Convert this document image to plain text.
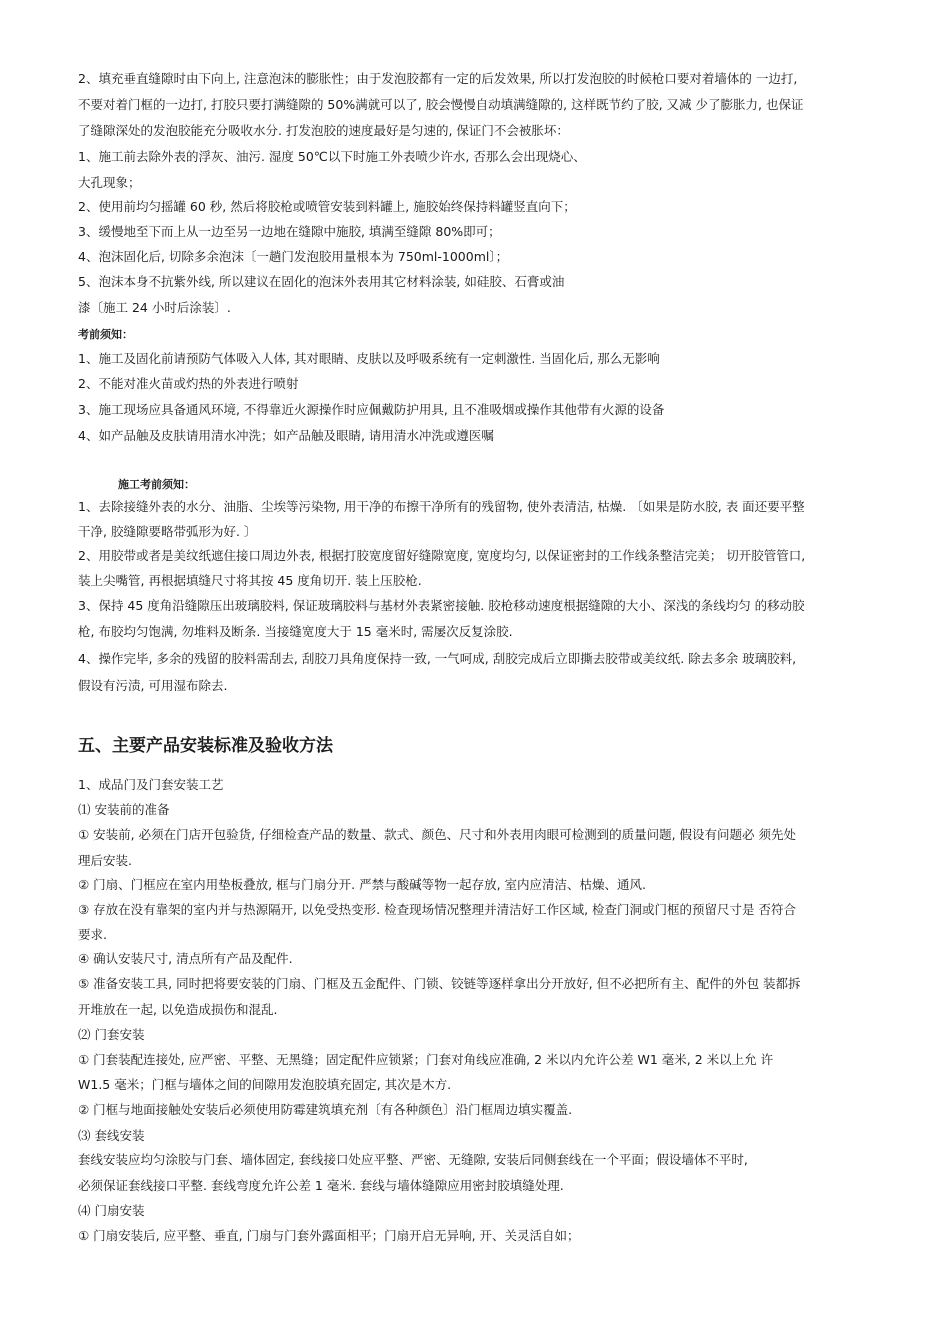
2、填充垂直缝隙时由下向上, 注意泡沫的膨胀性；由于发泡胶都有一定的后发效果, 所以打发泡胶的时候枪口要对着墙体的 一边打,
不要对着门框的一边打, 打胶只要打满缝隙的 50%满就可以了, 胶会慢慢自动填满缝隙的, 这样既节约了胶, 又减 少了膨胀力, 也保证
了缝隙深处的发泡胶能充分吸收水分. 打发泡胶的速度最好是匀速的, 保证门不会被胀坏：
1、施工前去除外表的浮灰、油污. 湿度 50℃以下时施工外表喷少许水, 否那么会出现烧心、
大孔现象；
2、使用前均匀摇罐 60 秒, 然后将胶枪或喷管安装到料罐上, 施胶始终保持料罐竖直向下；
3、缓慢地至下而上从一边至另一边地在缝隙中施胶, 填满至缝隙 80%即可；
4、泡沫固化后, 切除多余泡沫〔一趟门发泡胶用量根本为 750ml-1000ml〕；
5、泡沫本身不抗紫外线, 所以建议在固化的泡沫外表用其它材料涂装, 如硅胶、石膏或油
漆〔施工 24 小时后涂装〕.
考前须知：
1、施工及固化前请预防气体吸入人体, 其对眼睛、皮肤以及呼吸系统有一定刺激性. 当固化后, 那么无影响
2、不能对准火苗或灼热的外表进行喷射
3、施工现场应具备通风环境, 不得靠近火源操作时应佩戴防护用具, 且不准吸烟或操作其他带有火源的设备
4、如产品触及皮肤请用清水冲洗；如产品触及眼睛, 请用清水冲洗或遵医嘱
施工考前须知：
1、去除接缝外表的水分、油脂、尘埃等污染物, 用干净的布擦干净所有的残留物, 使外表清洁, 枯燥. 〔如果是防水胶, 表 面还要平整
干净, 胶缝隙要略带弧形为好. 〕
2、用胶带或者是美纹纸遮住接口周边外表, 根据打胶宽度留好缝隙宽度, 宽度均匀, 以保证密封的工作线条整洁完美； 切开胶管管口,
装上尖嘴管, 再根据填缝尺寸将其按 45 度角切开. 装上压胶枪.
3、保持 45 度角沿缝隙压出玻璃胶料, 保证玻璃胶料与基材外表紧密接触. 胶枪移动速度根据缝隙的大小、深浅的条线均匀 的移动胶
枪, 布胶均匀饱满, 勿堆料及断条. 当接缝宽度大于 15 毫米时, 需屡次反复涂胶.
4、操作完毕, 多余的残留的胶料需刮去, 刮胶刀具角度保持一致, 一气呵成, 刮胶完成后立即撕去胶带或美纹纸. 除去多余 玻璃胶料,
假设有污渍, 可用湿布除去.
五、主要产品安装标准及验收方法
1、成品门及门套安装工艺
⑴ 安装前的准备
① 安装前, 必须在门店开包验货, 仔细检查产品的数量、款式、颜色、尺寸和外表用肉眼可检测到的质量问题, 假设有问题必 须先处
理后安装.
② 门扇、门框应在室内用垫板叠放, 框与门扇分开. 严禁与酸碱等物一起存放, 室内应清洁、枯燥、通风.
③ 存放在没有靠架的室内并与热源隔开, 以免受热变形. 检查现场情况整理并清洁好工作区域, 检查门洞或门框的预留尺寸是 否符合
要求.
④ 确认安装尺寸, 清点所有产品及配件.
⑤ 准备安装工具, 同时把将要安装的门扇、门框及五金配件、门锁、铰链等逐样拿出分开放好, 但不必把所有主、配件的外包 装都拆
开堆放在一起, 以免造成损伤和混乱.
⑵ 门套安装
① 门套装配连接处, 应严密、平整、无黑缝；固定配件应锁紧；门套对角线应准确, 2 米以内允许公差 W1 毫米, 2 米以上允 许
W1.5 毫米；门框与墙体之间的间隙用发泡胶填充固定, 其次是木方.
② 门框与地面接触处安装后必须使用防霉建筑填充剂〔有各种颜色〕沿门框周边填实覆盖.
⑶ 套线安装
套线安装应均匀涂胶与门套、墙体固定, 套线接口处应平整、严密、无缝隙, 安装后同侧套线在一个平面；假设墙体不平时,
必须保证套线接口平整. 套线弯度允许公差 1 毫米. 套线与墙体缝隙应用密封胶填缝处理.
⑷ 门扇安装
① 门扇安装后, 应平整、垂直, 门扇与门套外露面相平；门扇开启无异响, 开、关灵活自如；
